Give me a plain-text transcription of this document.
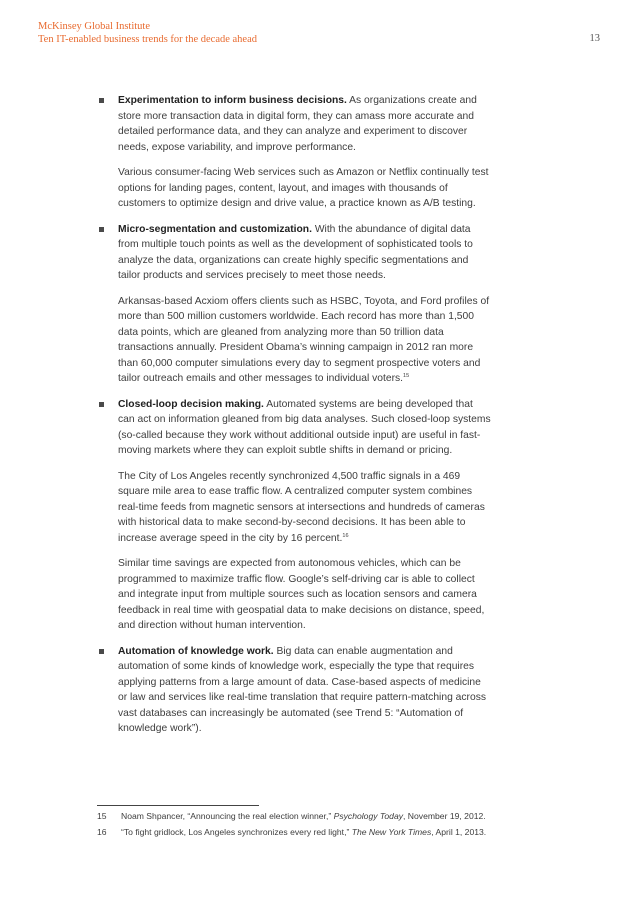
McKinsey Global Institute
Ten IT-enabled business trends for the decade ahead	13

Experimentation to inform business decisions. As organizations create and store more transaction data in digital form, they can amass more accurate and detailed performance data, and they can analyze and experiment to discover needs, expose variability, and improve performance.

Various consumer-facing Web services such as Amazon or Netflix continually test options for landing pages, content, layout, and images with thousands of customers to optimize design and drive value, a practice known as A/B testing.

Micro-segmentation and customization. With the abundance of digital data from multiple touch points as well as the development of sophisticated tools to analyze the data, organizations can create highly specific segmentations and tailor products and services precisely to meet those needs.

Arkansas-based Acxiom offers clients such as HSBC, Toyota, and Ford profiles of more than 500 million customers worldwide. Each record has more than 1,500 data points, which are gleaned from analyzing more than 50 trillion data transactions annually. President Obama’s winning campaign in 2012 ran more than 60,000 computer simulations every day to segment prospective voters and tailor outreach emails and other messages to individual voters.$^{15}$

Closed-loop decision making. Automated systems are being developed that can act on information gleaned from big data analyses. Such closed-loop systems (so-called because they work without additional outside input) are useful in fast-moving markets where they can exploit subtle shifts in demand or pricing.

The City of Los Angeles recently synchronized 4,500 traffic signals in a 469 square mile area to ease traffic flow. A centralized computer system combines real-time feeds from magnetic sensors at intersections and hundreds of cameras with historical data to make second-by-second decisions. It has been able to increase average speed in the city by 16 percent.$^{16}$

Similar time savings are expected from autonomous vehicles, which can be programmed to maximize traffic flow. Google’s self-driving car is able to collect and integrate input from multiple sources such as location sensors and camera feedback in real time with geospatial data to make decisions on distance, speed, and direction without human intervention.

Automation of knowledge work. Big data can enable augmentation and automation of some kinds of knowledge work, especially the type that requires applying patterns from a large amount of data. Case-based aspects of medicine or law and services like real-time translation that require pattern-matching across vast databases can increasingly be automated (see Trend 5: “Automation of knowledge work”).

15 Noam Shpancer, “Announcing the real election winner,” Psychology Today, November 19, 2012.
16 “To fight gridlock, Los Angeles synchronizes every red light,” The New York Times, April 1, 2013.
